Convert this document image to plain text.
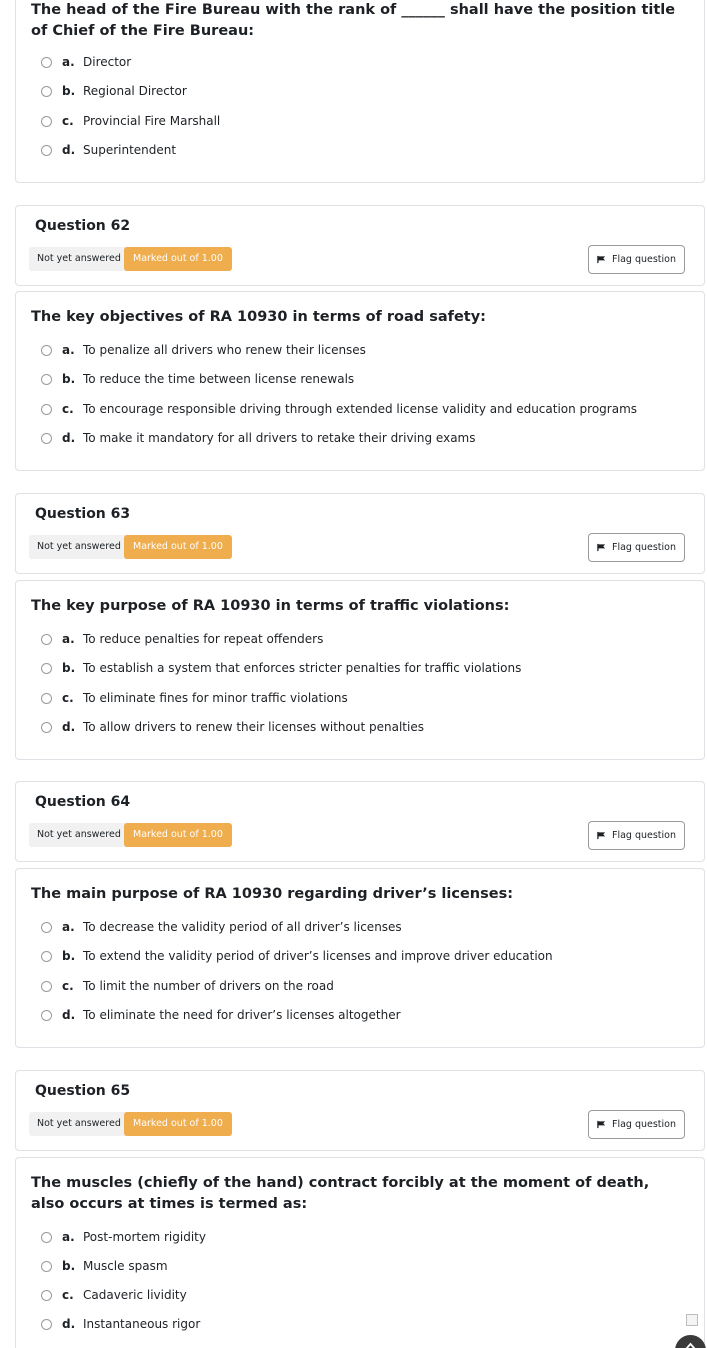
The head of the Fire Bureau with the rank of ______ shall have the position title of Chief of the Fire Bureau:
a. Director
b. Regional Director
c. Provincial Fire Marshall
d. Superintendent
Question 62
Not yet answered	Marked out of 1.00	Flag question
The key objectives of RA 10930 in terms of road safety:
a. To penalize all drivers who renew their licenses
b. To reduce the time between license renewals
c. To encourage responsible driving through extended license validity and education programs
d. To make it mandatory for all drivers to retake their driving exams
Question 63
Not yet answered	Marked out of 1.00	Flag question
The key purpose of RA 10930 in terms of traffic violations:
a. To reduce penalties for repeat offenders
b. To establish a system that enforces stricter penalties for traffic violations
c. To eliminate fines for minor traffic violations
d. To allow drivers to renew their licenses without penalties
Question 64
Not yet answered	Marked out of 1.00	Flag question
The main purpose of RA 10930 regarding driver’s licenses:
a. To decrease the validity period of all driver’s licenses
b. To extend the validity period of driver’s licenses and improve driver education
c. To limit the number of drivers on the road
d. To eliminate the need for driver’s licenses altogether
Question 65
Not yet answered	Marked out of 1.00	Flag question
The muscles (chiefly of the hand) contract forcibly at the moment of death, also occurs at times is termed as:
a. Post-mortem rigidity
b. Muscle spasm
c. Cadaveric lividity
d. Instantaneous rigor
